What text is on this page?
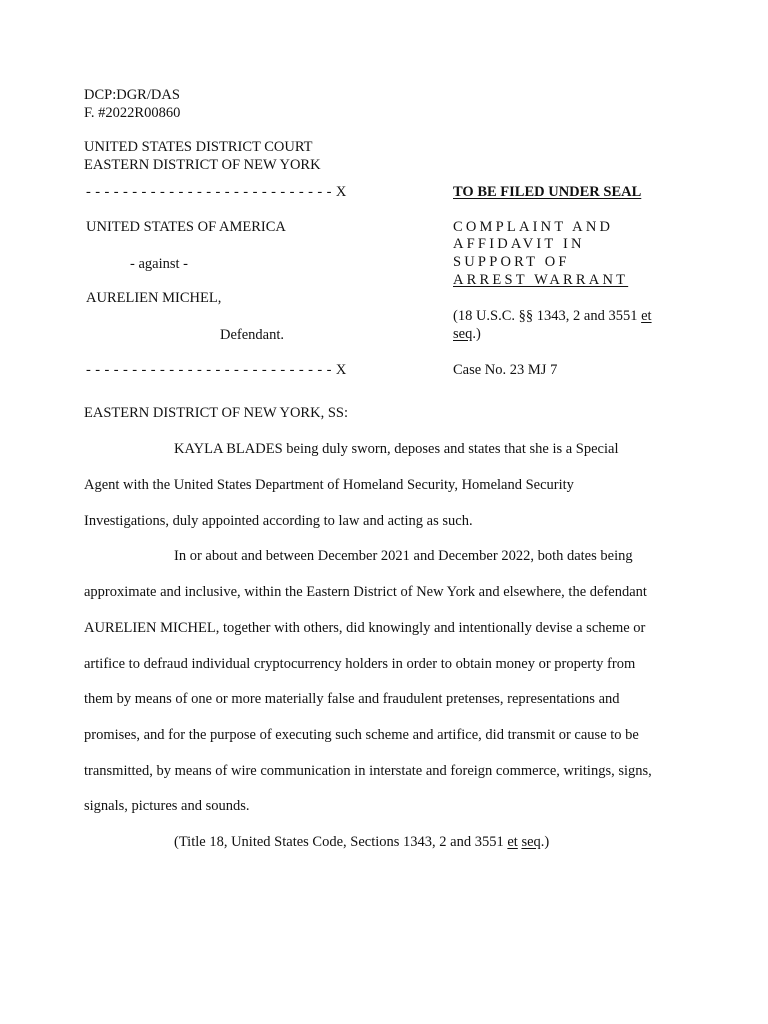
DCP:DGR/DAS

F. #2022R00860

UNITED STATES DISTRICT COURT

EASTERN DISTRICT OF NEW YORK

- - - - - - - - - - - - - - - - - - - - - - - - - - - X

UNITED STATES OF AMERICA

- against -

AURELIEN MICHEL,

Defendant.

- - - - - - - - - - - - - - - - - - - - - - - - - - - X

TO BE FILED UNDER SEAL

COMPLAINT AND

AFFIDAVIT IN

SUPPORT OF

ARREST WARRANT

(18 U.S.C. §§ 1343, 2 and 3551 et

seq.)

Case No. 23 MJ 7

EASTERN DISTRICT OF NEW YORK, SS:

KAYLA BLADES being duly sworn, deposes and states that she is a Special

Agent with the United States Department of Homeland Security, Homeland Security

Investigations, duly appointed according to law and acting as such.

In or about and between December 2021 and December 2022, both dates being

approximate and inclusive, within the Eastern District of New York and elsewhere, the defendant

AURELIEN MICHEL, together with others, did knowingly and intentionally devise a scheme or

artifice to defraud individual cryptocurrency holders in order to obtain money or property from

them by means of one or more materially false and fraudulent pretenses, representations and

promises, and for the purpose of executing such scheme and artifice, did transmit or cause to be

transmitted, by means of wire communication in interstate and foreign commerce, writings, signs,

signals, pictures and sounds.

(Title 18, United States Code, Sections 1343, 2 and 3551 et seq.)
